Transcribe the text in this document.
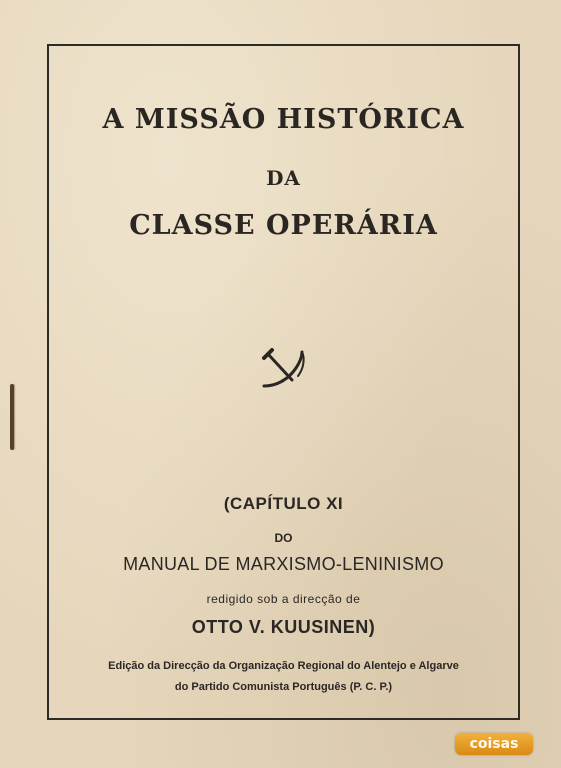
A MISSÃO HISTÓRICA
DA
CLASSE OPERÁRIA
(CAPÍTULO XI
DO
MANUAL DE MARXISMO-LENINISMO
redigido sob a direcção de
OTTO V. KUUSINEN)
Edição da Direcção da Organização Regional do Alentejo e Algarve
do Partido Comunista Português (P. C. P.)
coisas
